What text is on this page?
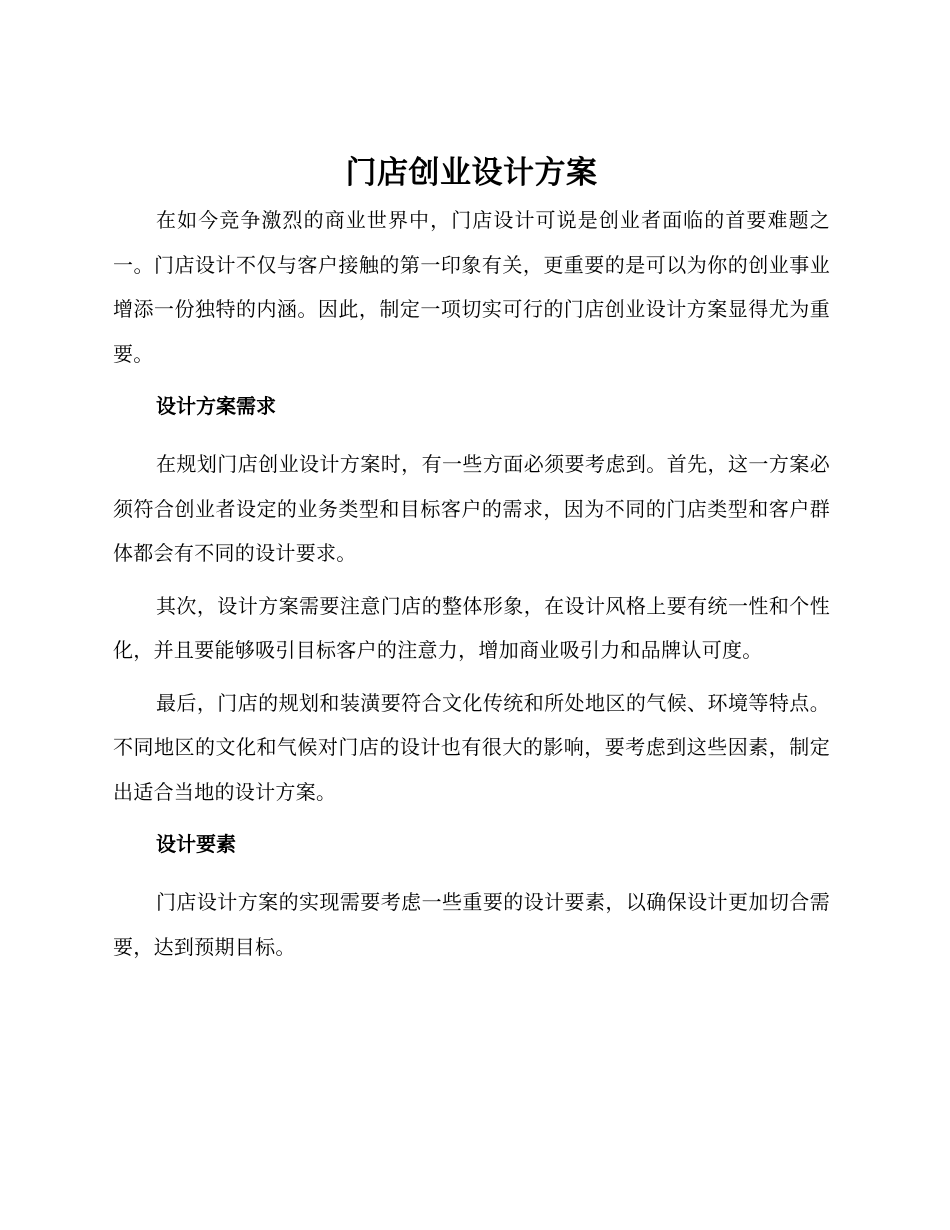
门店创业设计方案

在如今竞争激烈的商业世界中，门店设计可说是创业者面临的首要难题之一。门店设计不仅与客户接触的第一印象有关，更重要的是可以为你的创业事业增添一份独特的内涵。因此，制定一项切实可行的门店创业设计方案显得尤为重要。

设计方案需求

在规划门店创业设计方案时，有一些方面必须要考虑到。首先，这一方案必须符合创业者设定的业务类型和目标客户的需求，因为不同的门店类型和客户群体都会有不同的设计要求。

其次，设计方案需要注意门店的整体形象，在设计风格上要有统一性和个性化，并且要能够吸引目标客户的注意力，增加商业吸引力和品牌认可度。

最后，门店的规划和装潢要符合文化传统和所处地区的气候、环境等特点。不同地区的文化和气候对门店的设计也有很大的影响，要考虑到这些因素，制定出适合当地的设计方案。

设计要素

门店设计方案的实现需要考虑一些重要的设计要素，以确保设计更加切合需要，达到预期目标。
